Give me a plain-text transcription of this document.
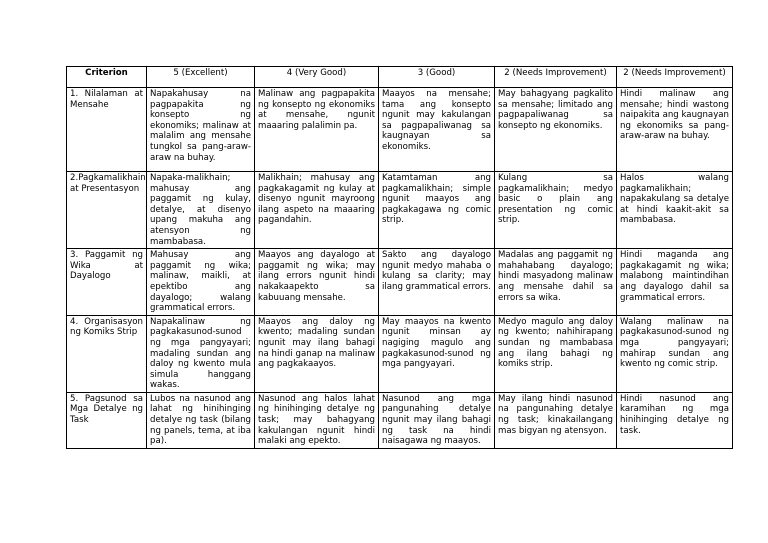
Criterion	5 (Excellent)	4 (Very Good)	3 (Good)	2 (Needs Improvement)	2 (Needs Improvement)
1. Nilalaman at Mensahe	Napakahusay na pagpapakita ng konsepto ng ekonomiks; malinaw at malalim ang mensahe tungkol sa pang-araw-araw na buhay.	Malinaw ang pagpapakita ng konsepto ng ekonomiks at mensahe, ngunit maaaring palalimin pa.	Maayos na mensahe; tama ang konsepto ngunit may kakulangan sa pagpapaliwanag sa kaugnayan sa ekonomiks.	May bahagyang pagkalito sa mensahe; limitado ang pagpapaliwanag sa konsepto ng ekonomiks.	Hindi malinaw ang mensahe; hindi wastong naipakita ang kaugnayan ng ekonomiks sa pang-araw-araw na buhay.
2.Pagkamalikhain at Presentasyon	Napaka-malikhain; mahusay ang paggamit ng kulay, detalye, at disenyo upang makuha ang atensyon ng mambabasa.	Malikhain; mahusay ang pagkakagamit ng kulay at disenyo ngunit mayroong ilang aspeto na maaaring pagandahin.	Katamtaman ang pagkamalikhain; simple ngunit maayos ang pagkakagawa ng comic strip.	Kulang sa pagkamalikhain; medyo basic o plain ang presentation ng comic strip.	Halos walang pagkamalikhain; napakakulang sa detalye at hindi kaakit-akit sa mambabasa.
3. Paggamit ng Wika at Dayalogo	Mahusay ang paggamit ng wika; malinaw, maikli, at epektibo ang dayalogo; walang grammatical errors.	Maayos ang dayalogo at paggamit ng wika; may ilang errors ngunit hindi nakakaapekto sa kabuuang mensahe.	Sakto ang dayalogo ngunit medyo mahaba o kulang sa clarity; may ilang grammatical errors.	Madalas ang paggamit ng mahahabang dayalogo; hindi masyadong malinaw ang mensahe dahil sa errors sa wika.	Hindi maganda ang pagkakagamit ng wika; malabong maintindihan ang dayalogo dahil sa grammatical errors.
4. Organisasyon ng Komiks Strip	Napakalinaw ng pagkakasunod-sunod ng mga pangyayari; madaling sundan ang daloy ng kwento mula simula hanggang wakas.	Maayos ang daloy ng kwento; madaling sundan ngunit may ilang bahagi na hindi ganap na malinaw ang pagkakaayos.	May maayos na kwento ngunit minsan ay nagiging magulo ang pagkakasunod-sunod ng mga pangyayari.	Medyo magulo ang daloy ng kwento; nahihirapang sundan ng mambabasa ang ilang bahagi ng komiks strip.	Walang malinaw na pagkakasunod-sunod ng mga pangyayari; mahirap sundan ang kwento ng comic strip.
5. Pagsunod sa Mga Detalye ng Task	Lubos na nasunod ang lahat ng hinihinging detalye ng task (bilang ng panels, tema, at iba pa).	Nasunod ang halos lahat ng hinihinging detalye ng task; may bahagyang kakulangan ngunit hindi malaki ang epekto.	Nasunod ang mga pangunahing detalye ngunit may ilang bahagi ng task na hindi naisagawa ng maayos.	May ilang hindi nasunod na pangunahing detalye ng task; kinakailangang mas bigyan ng atensyon.	Hindi nasunod ang karamihan ng mga hinihinging detalye ng task.
